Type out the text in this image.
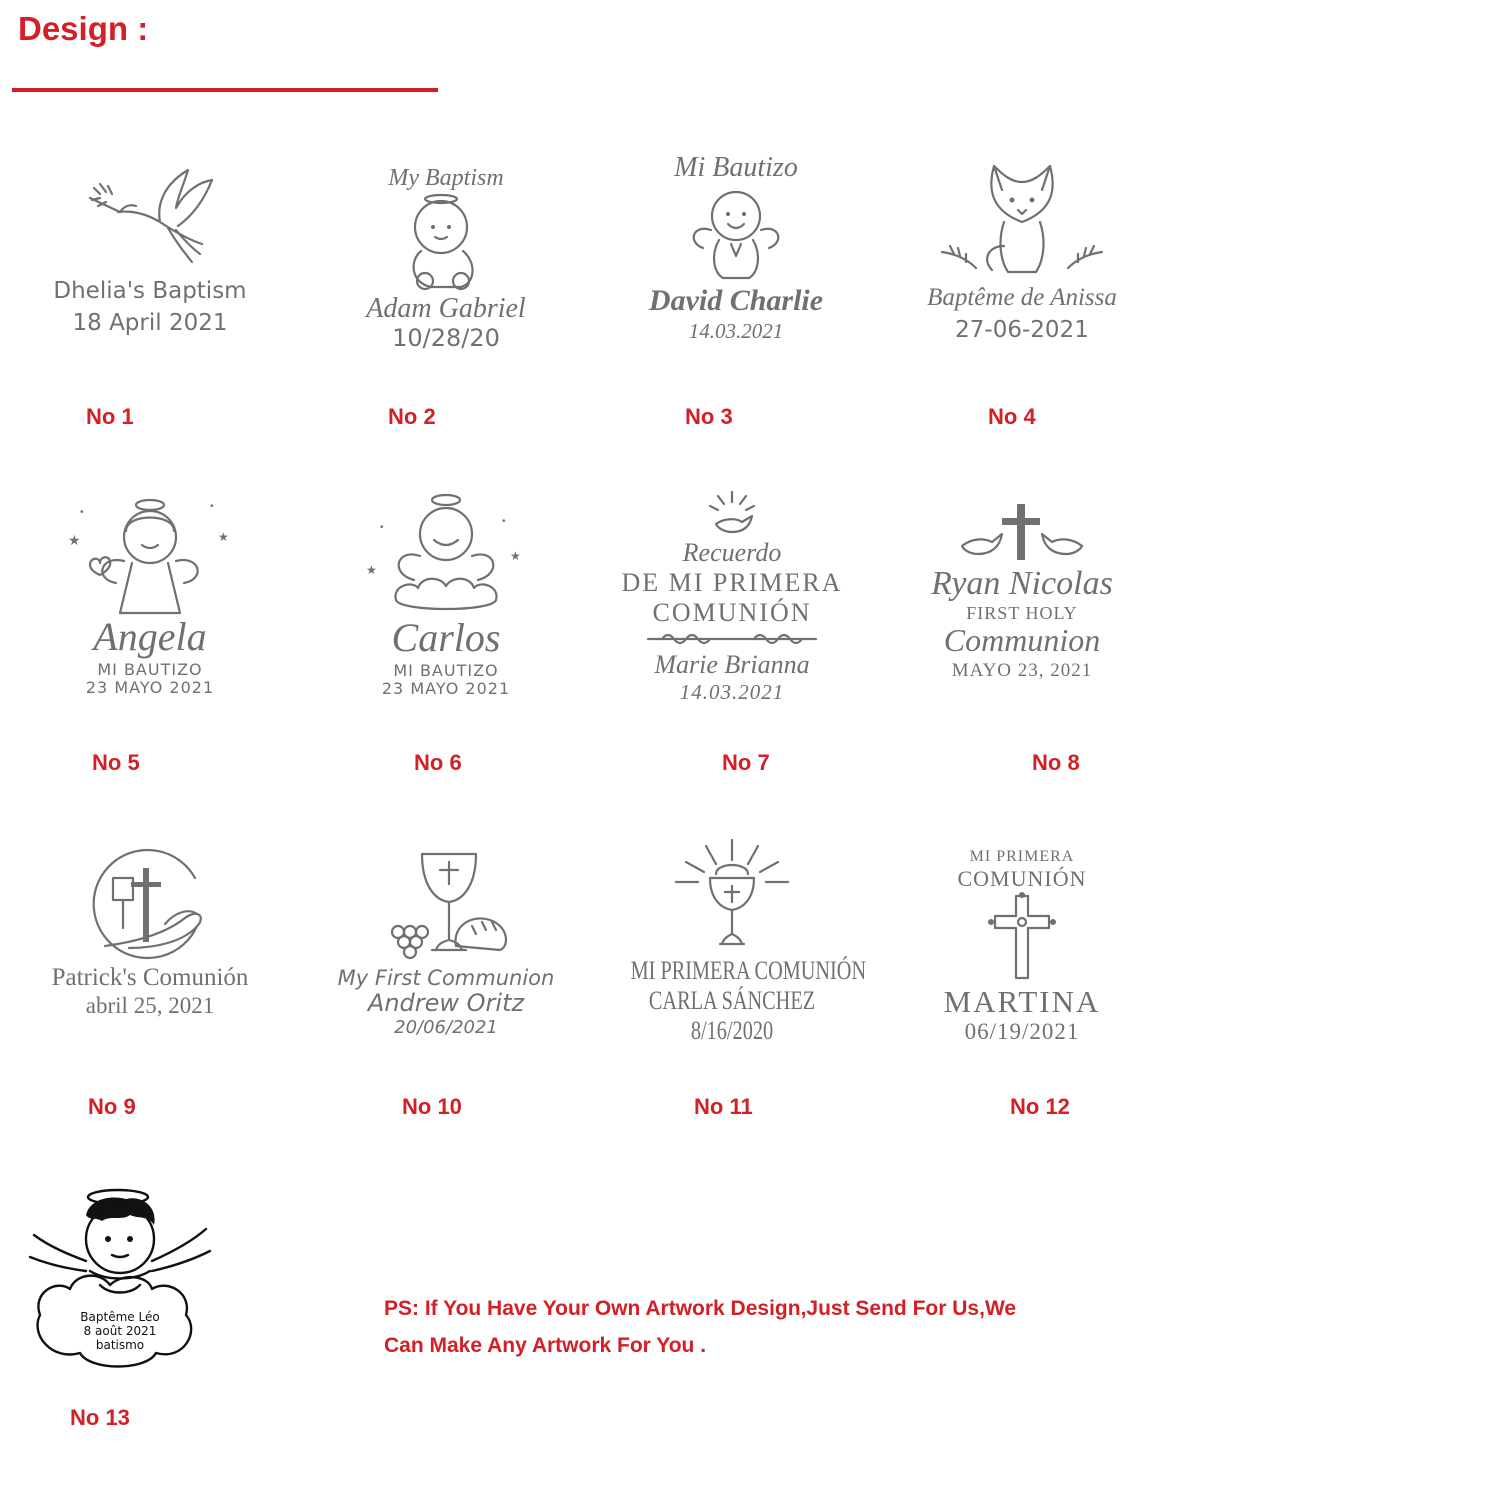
Design :
Dhelia's Baptism
18 April 2021
No 1
My Baptism
Adam Gabriel
10/28/20
No 2
Mi Bautizo
David Charlie
14.03.2021
No 3
Baptême de Anissa
27-06-2021
No 4
★	★
•
•
Angela
MI BAUTIZO
23 MAYO 2021
No 5
★
★
•
•
Carlos
MI BAUTIZO
23 MAYO 2021
No 6
Recuerdo
DE MI PRIMERA
COMUNIÓN
Marie Brianna
14.03.2021
No 7
Ryan Nicolas
FIRST HOLY
Communion
MAYO 23, 2021
No 8
Patrick's Comunión
abril 25, 2021
No 9
My First Communion
Andrew Oritz
20/06/2021
No 10
MI PRIMERA COMUNIÓN
CARLA SÁNCHEZ
8/16/2020
No 11
MI PRIMERA
COMUNIÓN
MARTINA
06/19/2021
No 12
Baptême Léo
8 août 2021
batismo
No 13
PS: If You Have Your Own Artwork Design,Just Send For Us,We
Can Make Any Artwork For You .
